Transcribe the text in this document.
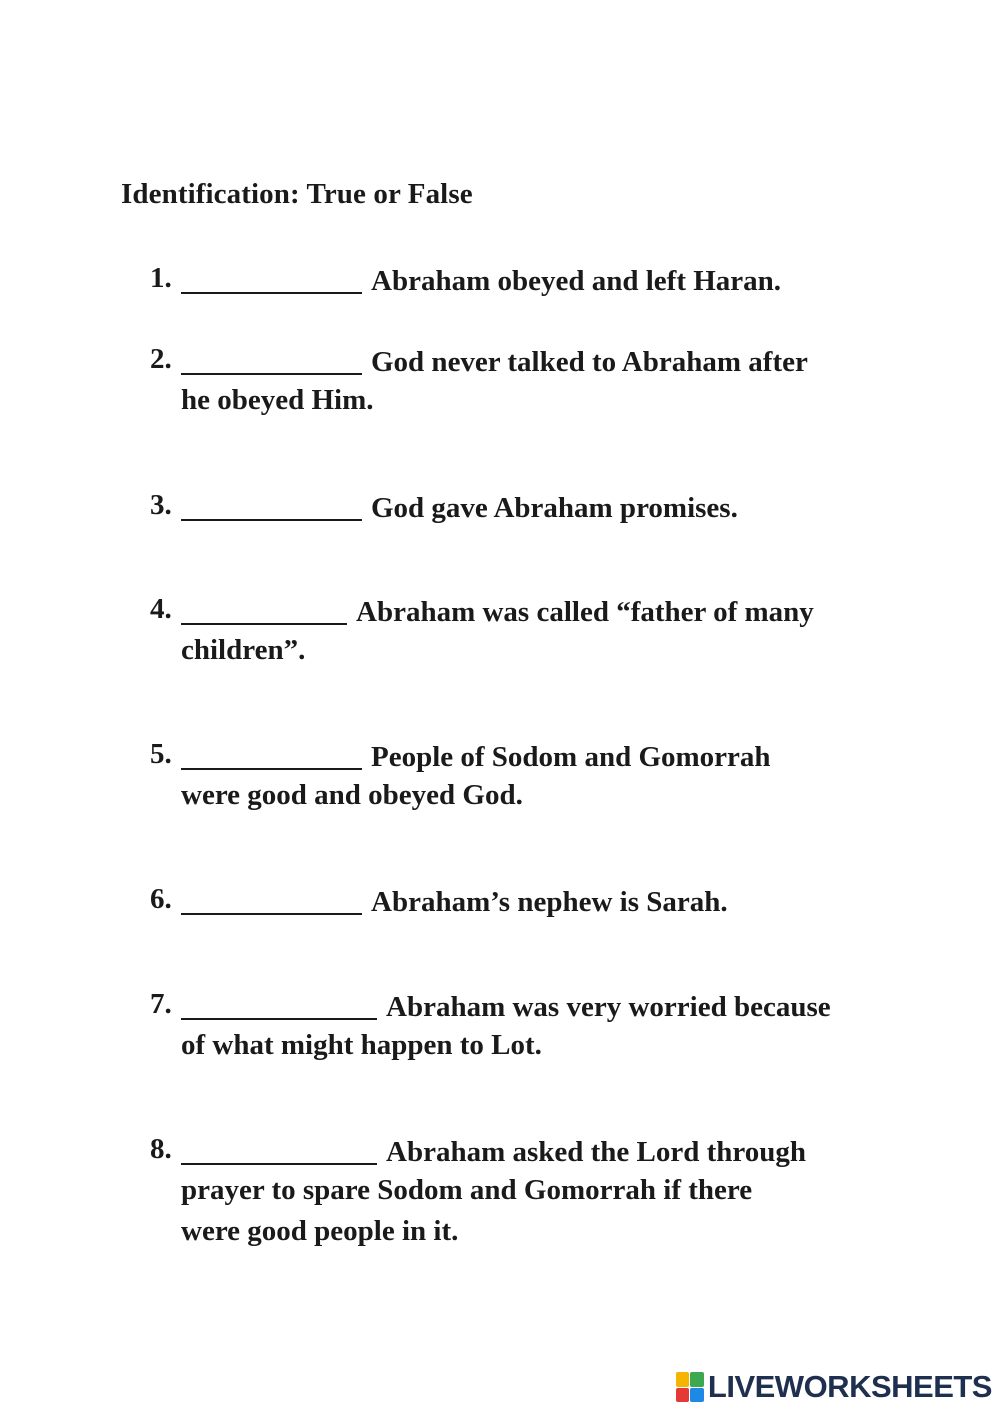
Identification: True or False
1.	Abraham obeyed and left Haran.
2.	God never talked to Abraham after
he obeyed Him.
3.	God gave Abraham promises.
4.	Abraham was called “father of many
children”.
5.	People of Sodom and Gomorrah
were good and obeyed God.
6.	Abraham’s nephew is Sarah.
7.	Abraham was very worried because
of what might happen to Lot.
8.	Abraham asked the Lord through
prayer to spare Sodom and Gomorrah if there
were good people in it.
LIVEWORKSHEETS
